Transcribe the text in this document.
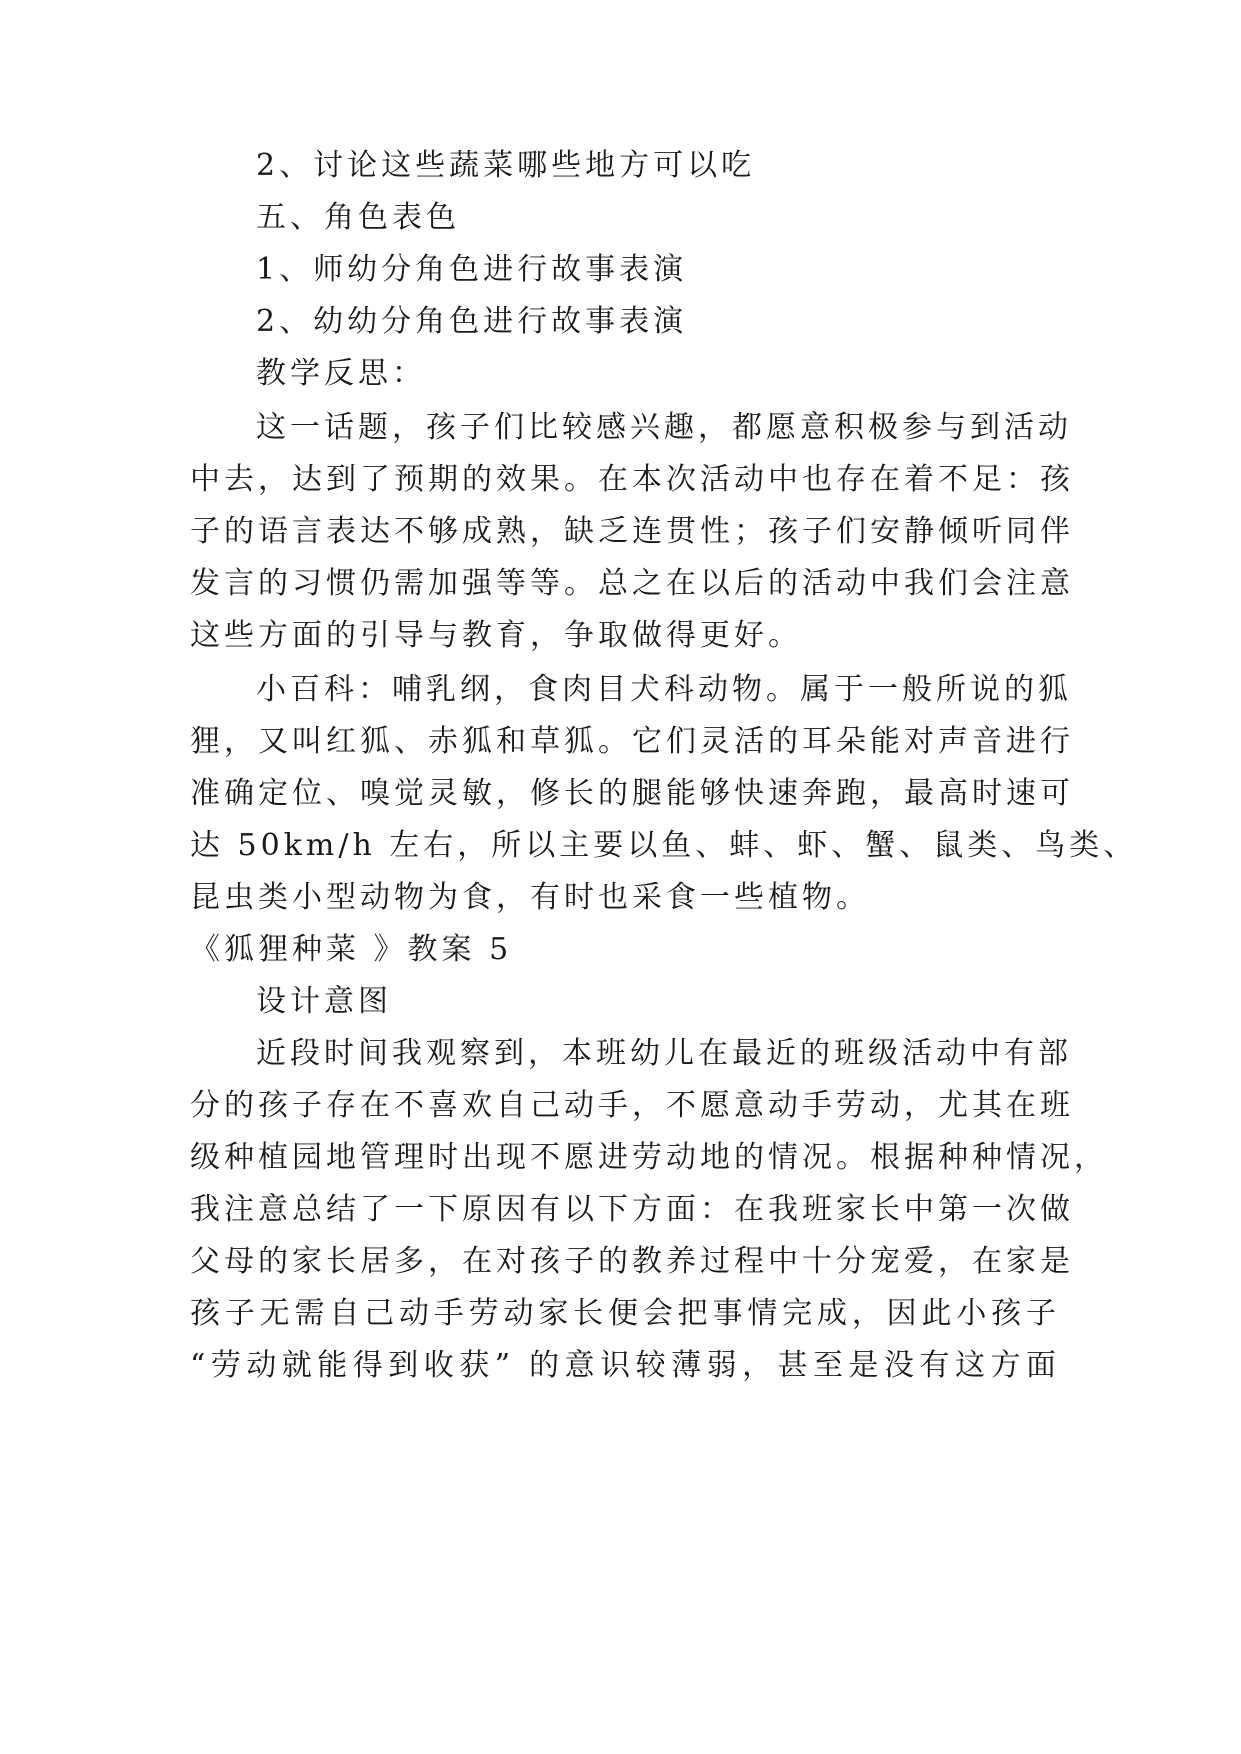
2、讨论这些蔬菜哪些地方可以吃
五、角色表色
1、师幼分角色进行故事表演
2、幼幼分角色进行故事表演
教学反思：
这一话题，孩子们比较感兴趣，都愿意积极参与到活动
中去，达到了预期的效果。在本次活动中也存在着不足：孩
子的语言表达不够成熟，缺乏连贯性；孩子们安静倾听同伴
发言的习惯仍需加强等等。总之在以后的活动中我们会注意
这些方面的引导与教育，争取做得更好。
小百科：哺乳纲，食肉目犬科动物。属于一般所说的狐
狸，又叫红狐、赤狐和草狐。它们灵活的耳朵能对声音进行
准确定位、嗅觉灵敏，修长的腿能够快速奔跑，最高时速可
达 50km/h 左右，所以主要以鱼、蚌、虾、蟹、鼠类、鸟类、
昆虫类小型动物为食，有时也采食一些植物。
《狐狸种菜 》教案 5
设计意图
近段时间我观察到，本班幼儿在最近的班级活动中有部
分的孩子存在不喜欢自己动手，不愿意动手劳动，尤其在班
级种植园地管理时出现不愿进劳动地的情况。根据种种情况，
我注意总结了一下原因有以下方面：在我班家长中第一次做
父母的家长居多，在对孩子的教养过程中十分宠爱，在家是
孩子无需自己动手劳动家长便会把事情完成，因此小孩子
“劳动就能得到收获” 的意识较薄弱，甚至是没有这方面
